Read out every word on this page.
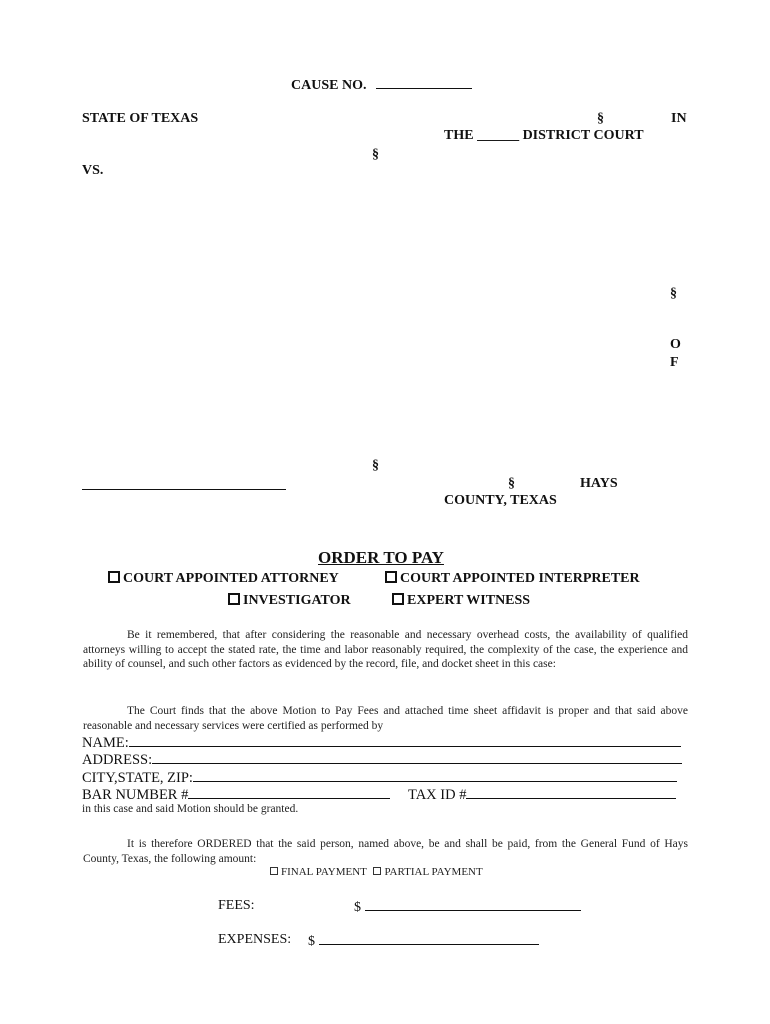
CAUSE NO.
STATE OF TEXAS	§	IN
THE ______ DISTRICT COURT
§
VS.
§
O
F
§
§	HAYS
COUNTY, TEXAS
ORDER TO PAY
COURT APPOINTED ATTORNEY	COURT APPOINTED INTERPRETER
INVESTIGATOR	EXPERT WITNESS
Be it remembered, that after considering the reasonable and necessary overhead costs, the availability of qualified attorneys willing to accept the stated rate, the time and labor reasonably required, the complexity of the case, the experience and ability of counsel, and such other factors as evidenced by the record, file, and docket sheet in this case:
The Court finds that the above Motion to Pay Fees and attached time sheet affidavit is proper and that said above reasonable and necessary services were certified as performed by
NAME:
ADDRESS:
CITY,STATE, ZIP:
BAR NUMBER #	TAX ID #
in this case and said Motion should be granted.
It is therefore ORDERED that the said person, named above, be and shall be paid, from the General Fund of Hays County, Texas, the following amount:
FINAL PAYMENT PARTIAL PAYMENT
FEES:	$
EXPENSES: $
